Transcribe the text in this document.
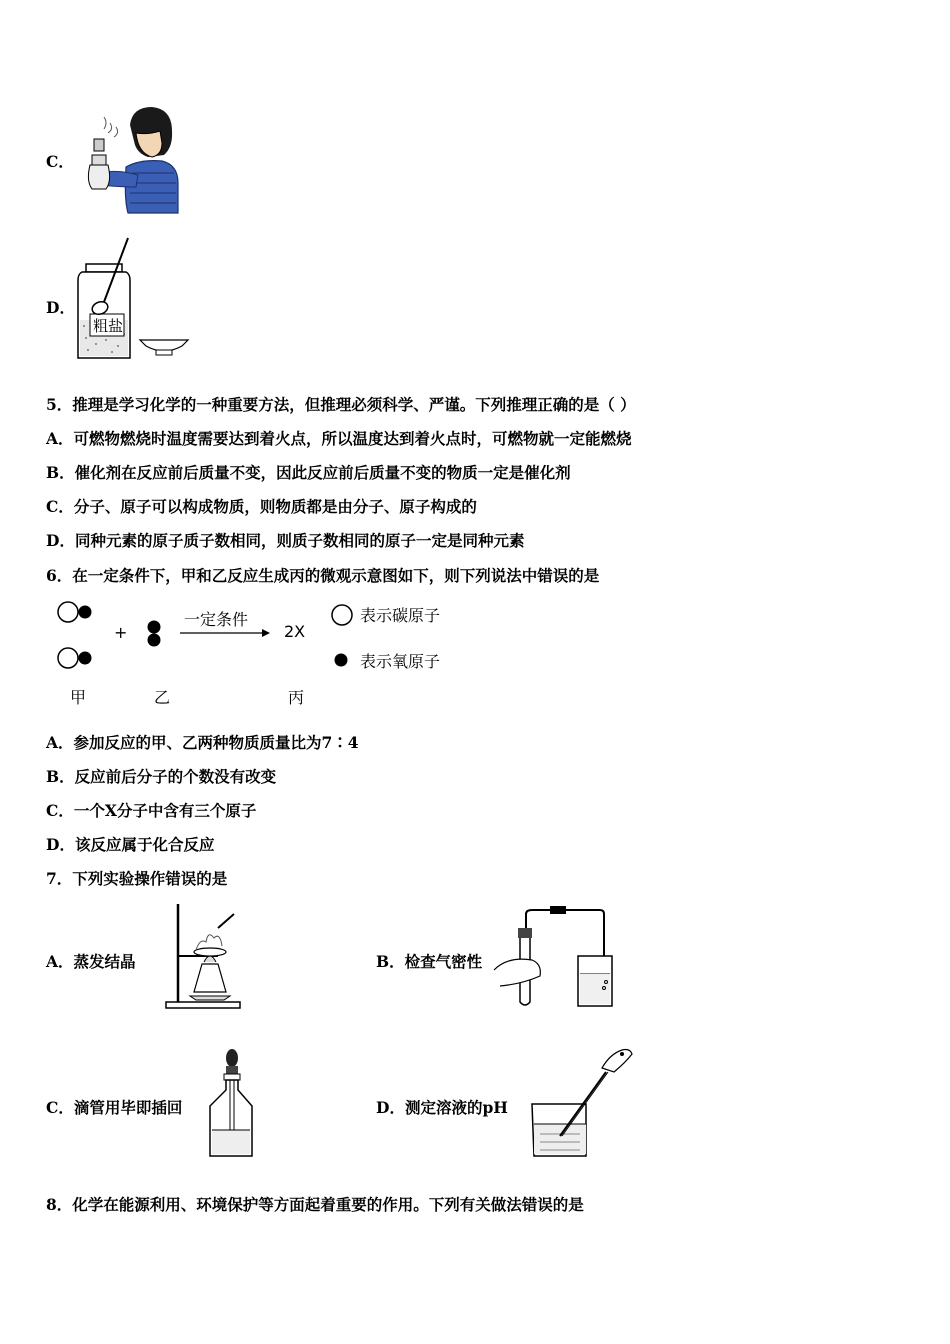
C．
D．
粗盐
5．推理是学习化学的一种重要方法，但推理必须科学、严谨。下列推理正确的是（ ）
A．可燃物燃烧时温度需要达到着火点，所以温度达到着火点时，可燃物就一定能燃烧
B．催化剂在反应前后质量不变，因此反应前后质量不变的物质一定是催化剂
C．分子、原子可以构成物质，则物质都是由分子、原子构成的
D．同种元素的原子质子数相同，则质子数相同的原子一定是同种元素
6．在一定条件下，甲和乙反应生成丙的微观示意图如下，则下列说法中错误的是
+
一定条件
2X
表示碳原子
表示氧原子
甲	乙	丙
A．参加反应的甲、乙两种物质质量比为7∶4
B．反应前后分子的个数没有改变
C．一个X分子中含有三个原子
D．该反应属于化合反应
7．下列实验操作错误的是
A．蒸发结晶	B．检查气密性
C．滴管用毕即插回	D．测定溶液的pH
8．化学在能源利用、环境保护等方面起着重要的作用。下列有关做法错误的是
